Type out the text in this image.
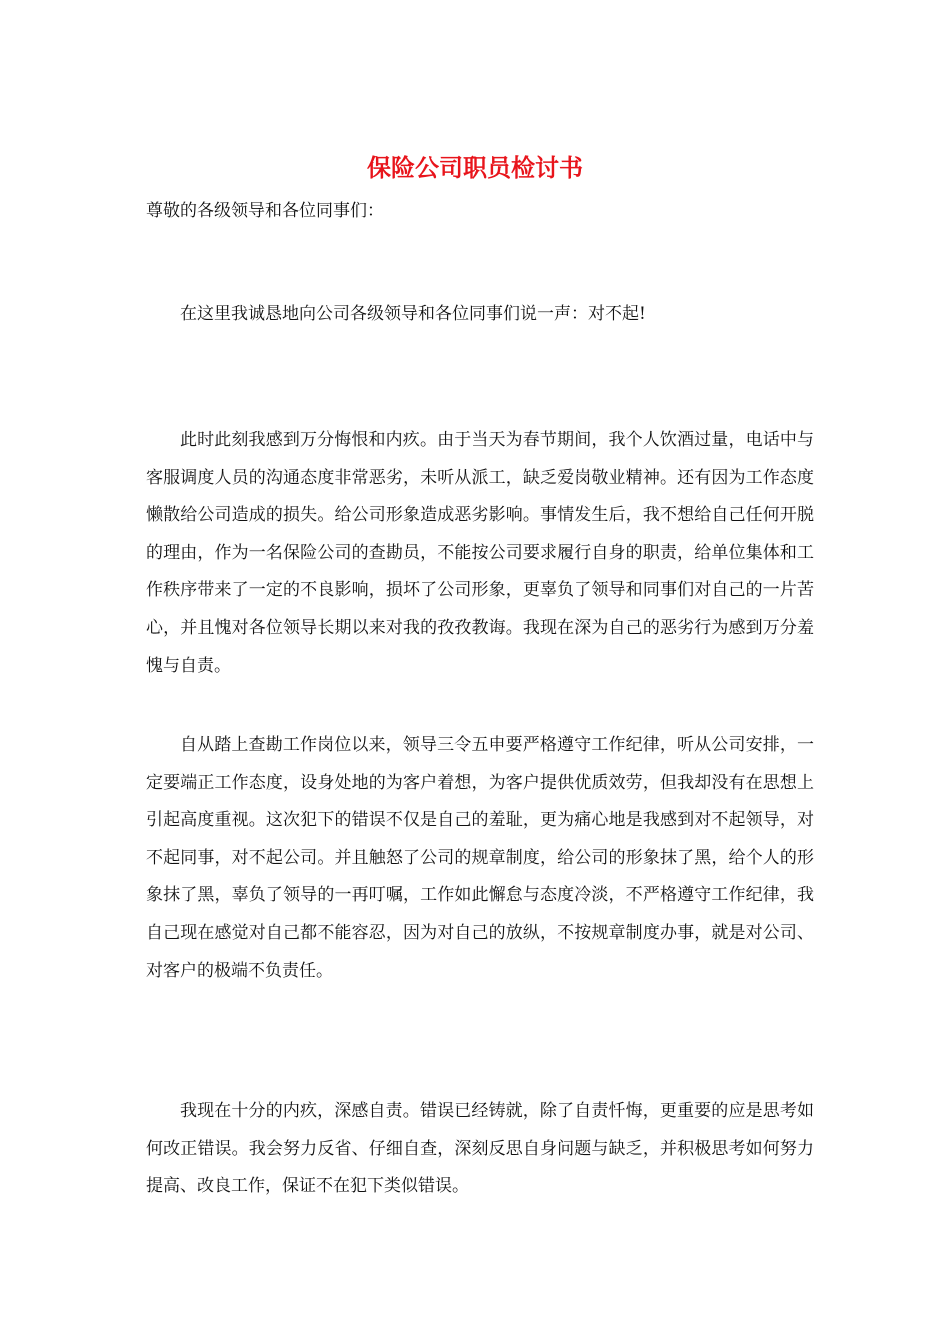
保险公司职员检讨书
尊敬的各级领导和各位同事们：

在这里我诚恳地向公司各级领导和各位同事们说一声：对不起!

此时此刻我感到万分悔恨和内疚。由于当天为春节期间，我个人饮酒过量，电话中与客服调度人员的沟通态度非常恶劣，未听从派工，缺乏爱岗敬业精神。还有因为工作态度懒散给公司造成的损失。给公司形象造成恶劣影响。事情发生后，我不想给自己任何开脱的理由，作为一名保险公司的查勘员，不能按公司要求履行自身的职责，给单位集体和工作秩序带来了一定的不良影响，损坏了公司形象，更辜负了领导和同事们对自己的一片苦心，并且愧对各位领导长期以来对我的孜孜教诲。我现在深为自己的恶劣行为感到万分羞愧与自责。

自从踏上查勘工作岗位以来，领导三令五申要严格遵守工作纪律，听从公司安排，一定要端正工作态度，设身处地的为客户着想，为客户提供优质效劳，但我却没有在思想上引起高度重视。这次犯下的错误不仅是自己的羞耻，更为痛心地是我感到对不起领导，对不起同事，对不起公司。并且触怒了公司的规章制度，给公司的形象抹了黑，给个人的形象抹了黑，辜负了领导的一再叮嘱，工作如此懈怠与态度冷淡，不严格遵守工作纪律，我自己现在感觉对自己都不能容忍，因为对自己的放纵，不按规章制度办事，就是对公司、对客户的极端不负责任。

我现在十分的内疚，深感自责。错误已经铸就，除了自责忏悔，更重要的应是思考如何改正错误。我会努力反省、仔细自查，深刻反思自身问题与缺乏，并积极思考如何努力提高、改良工作，保证不在犯下类似错误。
